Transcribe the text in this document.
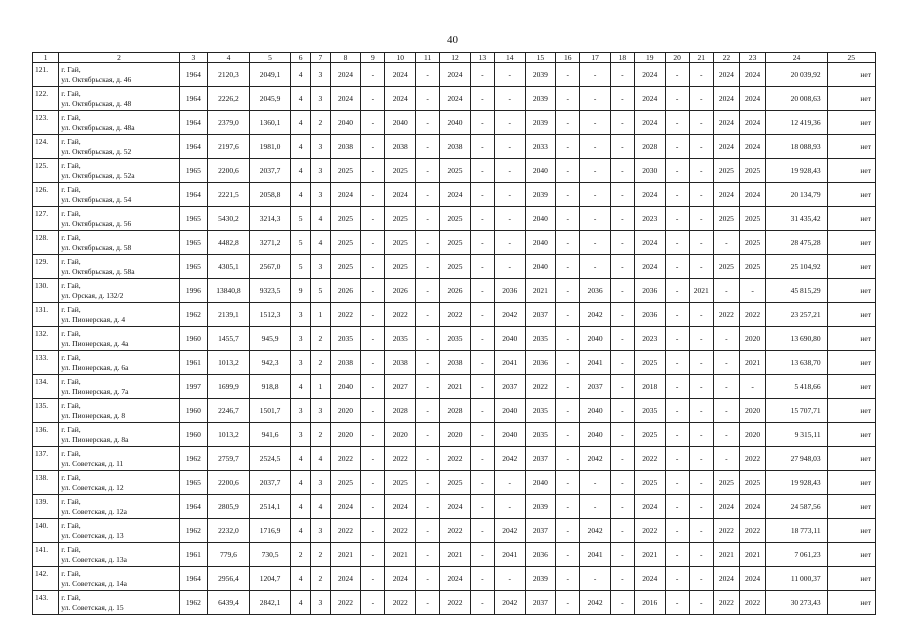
40
1	2	3	4	5	6	7	8	9	10	11	12	13	14	15	16	17	18	19	20	21	22	23	24	25
121.	г. Гай,
ул. Октябрьская, д. 46	1964	2120,3	2049,1	4	3	2024	-	2024	-	2024	-	-	2039	-	-	-	2024	-	-	2024	2024	20 039,92	нет
122.	г. Гай,
ул. Октябрьская, д. 48	1964	2226,2	2045,9	4	3	2024	-	2024	-	2024	-	-	2039	-	-	-	2024	-	-	2024	2024	20 008,63	нет
123.	г. Гай,
ул. Октябрьская, д. 48а	1964	2379,0	1360,1	4	2	2040	-	2040	-	2040	-	-	2039	-	-	-	2024	-	-	2024	2024	12 419,36	нет
124.	г. Гай,
ул. Октябрьская, д. 52	1964	2197,6	1981,0	4	3	2038	-	2038	-	2038	-	-	2033	-	-	-	2028	-	-	2024	2024	18 088,93	нет
125.	г. Гай,
ул. Октябрьская, д. 52а	1965	2200,6	2037,7	4	3	2025	-	2025	-	2025	-	-	2040	-	-	-	2030	-	-	2025	2025	19 928,43	нет
126.	г. Гай,
ул. Октябрьская, д. 54	1964	2221,5	2058,8	4	3	2024	-	2024	-	2024	-	-	2039	-	-	-	2024	-	-	2024	2024	20 134,79	нет
127.	г. Гай,
ул. Октябрьская, д. 56	1965	5430,2	3214,3	5	4	2025	-	2025	-	2025	-	-	2040	-	-	-	2023	-	-	2025	2025	31 435,42	нет
128.	г. Гай,
ул. Октябрьская, д. 58	1965	4482,8	3271,2	5	4	2025	-	2025	-	2025	-	-	2040	-	-	-	2024	-	-	-	2025	28 475,28	нет
129.	г. Гай,
ул. Октябрьская, д. 58а	1965	4305,1	2567,0	5	3	2025	-	2025	-	2025	-	-	2040	-	-	-	2024	-	-	2025	2025	25 104,92	нет
130.	г. Гай,
ул. Орская, д. 132/2	1996	13840,8	9323,5	9	5	2026	-	2026	-	2026	-	2036	2021	-	2036	-	2036	-	2021	-	-	45 815,29	нет
131.	г. Гай,
ул. Пионерская, д. 4	1962	2139,1	1512,3	3	1	2022	-	2022	-	2022	-	2042	2037	-	2042	-	2036	-	-	2022	2022	23 257,21	нет
132.	г. Гай,
ул. Пионерская, д. 4а	1960	1455,7	945,9	3	2	2035	-	2035	-	2035	-	2040	2035	-	2040	-	2023	-	-	-	2020	13 690,80	нет
133.	г. Гай,
ул. Пионерская, д. 6а	1961	1013,2	942,3	3	2	2038	-	2038	-	2038	-	2041	2036	-	2041	-	2025	-	-	-	2021	13 638,70	нет
134.	г. Гай,
ул. Пионерская, д. 7а	1997	1699,9	918,8	4	1	2040	-	2027	-	2021	-	2037	2022	-	2037	-	2018	-	-	-	-	5 418,66	нет
135.	г. Гай,
ул. Пионерская, д. 8	1960	2246,7	1501,7	3	3	2020	-	2028	-	2028	-	2040	2035	-	2040	-	2035	-	-	-	2020	15 707,71	нет
136.	г. Гай,
ул. Пионерская, д. 8а	1960	1013,2	941,6	3	2	2020	-	2020	-	2020	-	2040	2035	-	2040	-	2025	-	-	-	2020	9 315,11	нет
137.	г. Гай,
ул. Советская, д. 11	1962	2759,7	2524,5	4	4	2022	-	2022	-	2022	-	2042	2037	-	2042	-	2022	-	-	-	2022	27 948,03	нет
138.	г. Гай,
ул. Советская, д. 12	1965	2200,6	2037,7	4	3	2025	-	2025	-	2025	-	-	2040	-	-	-	2025	-	-	2025	2025	19 928,43	нет
139.	г. Гай,
ул. Советская, д. 12а	1964	2805,9	2514,1	4	4	2024	-	2024	-	2024	-	-	2039	-	-	-	2024	-	-	2024	2024	24 587,56	нет
140.	г. Гай,
ул. Советская, д. 13	1962	2232,0	1716,9	4	3	2022	-	2022	-	2022	-	2042	2037	-	2042	-	2022	-	-	2022	2022	18 773,11	нет
141.	г. Гай,
ул. Советская, д. 13а	1961	779,6	730,5	2	2	2021	-	2021	-	2021	-	2041	2036	-	2041	-	2021	-	-	2021	2021	7 061,23	нет
142.	г. Гай,
ул. Советская, д. 14а	1964	2956,4	1204,7	4	2	2024	-	2024	-	2024	-	-	2039	-	-	-	2024	-	-	2024	2024	11 000,37	нет
143.	г. Гай,
ул. Советская, д. 15	1962	6439,4	2842,1	4	3	2022	-	2022	-	2022	-	2042	2037	-	2042	-	2016	-	-	2022	2022	30 273,43	нет
